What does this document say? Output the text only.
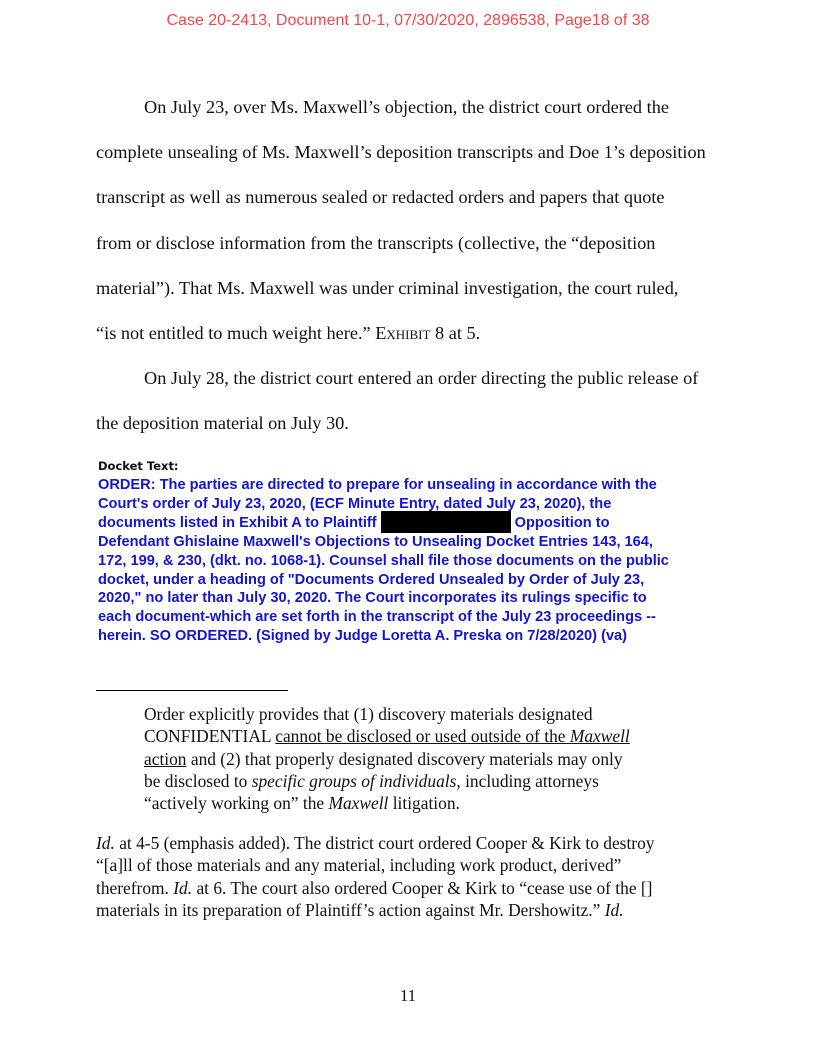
Case 20-2413, Document 10-1, 07/30/2020, 2896538, Page18 of 38
On July 23, over Ms. Maxwell’s objection, the district court ordered the
complete unsealing of Ms. Maxwell’s deposition transcripts and Doe 1’s deposition
transcript as well as numerous sealed or redacted orders and papers that quote
from or disclose information from the transcripts (collective, the “deposition
material”). That Ms. Maxwell was under criminal investigation, the court ruled,
“is not entitled to much weight here.” Exhibit 8 at 5.
On July 28, the district court entered an order directing the public release of
the deposition material on July 30.
Docket Text:
ORDER: The parties are directed to prepare for unsealing in accordance with the
Court's order of July 23, 2020, (ECF Minute Entry, dated July 23, 2020), the
documents listed in Exhibit A to Plaintiff	Opposition to
Defendant Ghislaine Maxwell's Objections to Unsealing Docket Entries 143, 164,
172, 199, & 230, (dkt. no. 1068-1). Counsel shall file those documents on the public
docket, under a heading of "Documents Ordered Unsealed by Order of July 23,
2020," no later than July 30, 2020. The Court incorporates its rulings specific to
each document-which are set forth in the transcript of the July 23 proceedings --
herein. SO ORDERED. (Signed by Judge Loretta A. Preska on 7/28/2020) (va)
Order explicitly provides that (1) discovery materials designated
CONFIDENTIAL cannot be disclosed or used outside of the Maxwell
action and (2) that properly designated discovery materials may only
be disclosed to specific groups of individuals, including attorneys
“actively working on” the Maxwell litigation.
Id. at 4-5 (emphasis added). The district court ordered Cooper & Kirk to destroy
“[a]ll of those materials and any material, including work product, derived”
therefrom. Id. at 6. The court also ordered Cooper & Kirk to “cease use of the []
materials in its preparation of Plaintiff’s action against Mr. Dershowitz.” Id.
11
